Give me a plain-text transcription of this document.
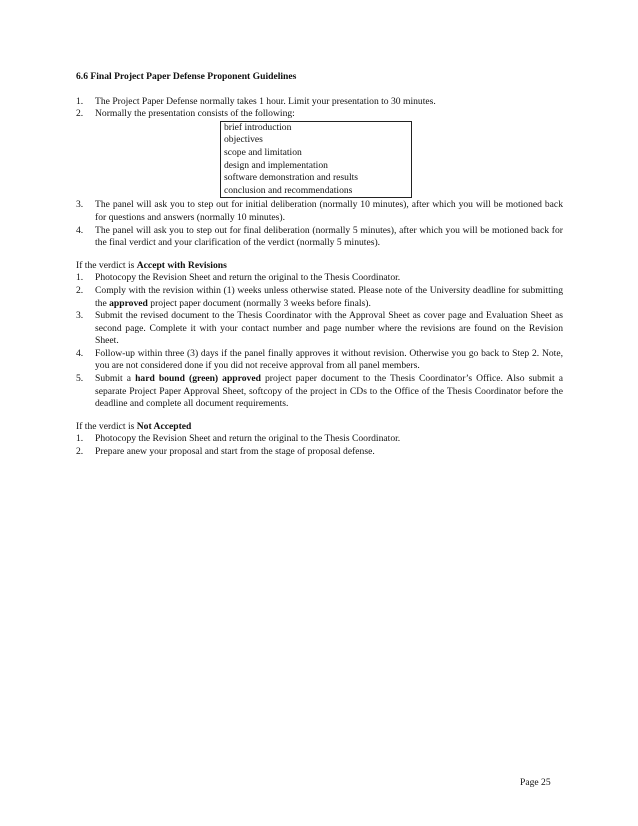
6.6 Final Project Paper Defense Proponent Guidelines
1. The Project Paper Defense normally takes 1 hour. Limit your presentation to 30 minutes.
2. Normally the presentation consists of the following:
brief introduction
objectives
scope and limitation
design and implementation
software demonstration and results
conclusion and recommendations
3. The panel will ask you to step out for initial deliberation (normally 10 minutes), after which you will be motioned back for questions and answers (normally 10 minutes).
4. The panel will ask you to step out for final deliberation (normally 5 minutes), after which you will be motioned back for the final verdict and your clarification of the verdict (normally 5 minutes).
If the verdict is Accept with Revisions
1. Photocopy the Revision Sheet and return the original to the Thesis Coordinator.
2. Comply with the revision within (1) weeks unless otherwise stated. Please note of the University deadline for submitting the approved project paper document (normally 3 weeks before finals).
3. Submit the revised document to the Thesis Coordinator with the Approval Sheet as cover page and Evaluation Sheet as second page. Complete it with your contact number and page number where the revisions are found on the Revision Sheet.
4. Follow-up within three (3) days if the panel finally approves it without revision. Otherwise you go back to Step 2. Note, you are not considered done if you did not receive approval from all panel members.
5. Submit a hard bound (green) approved project paper document to the Thesis Coordinator’s Office. Also submit a separate Project Paper Approval Sheet, softcopy of the project in CDs to the Office of the Thesis Coordinator before the deadline and complete all document requirements.
If the verdict is Not Accepted
1. Photocopy the Revision Sheet and return the original to the Thesis Coordinator.
2. Prepare anew your proposal and start from the stage of proposal defense.
Page 25
